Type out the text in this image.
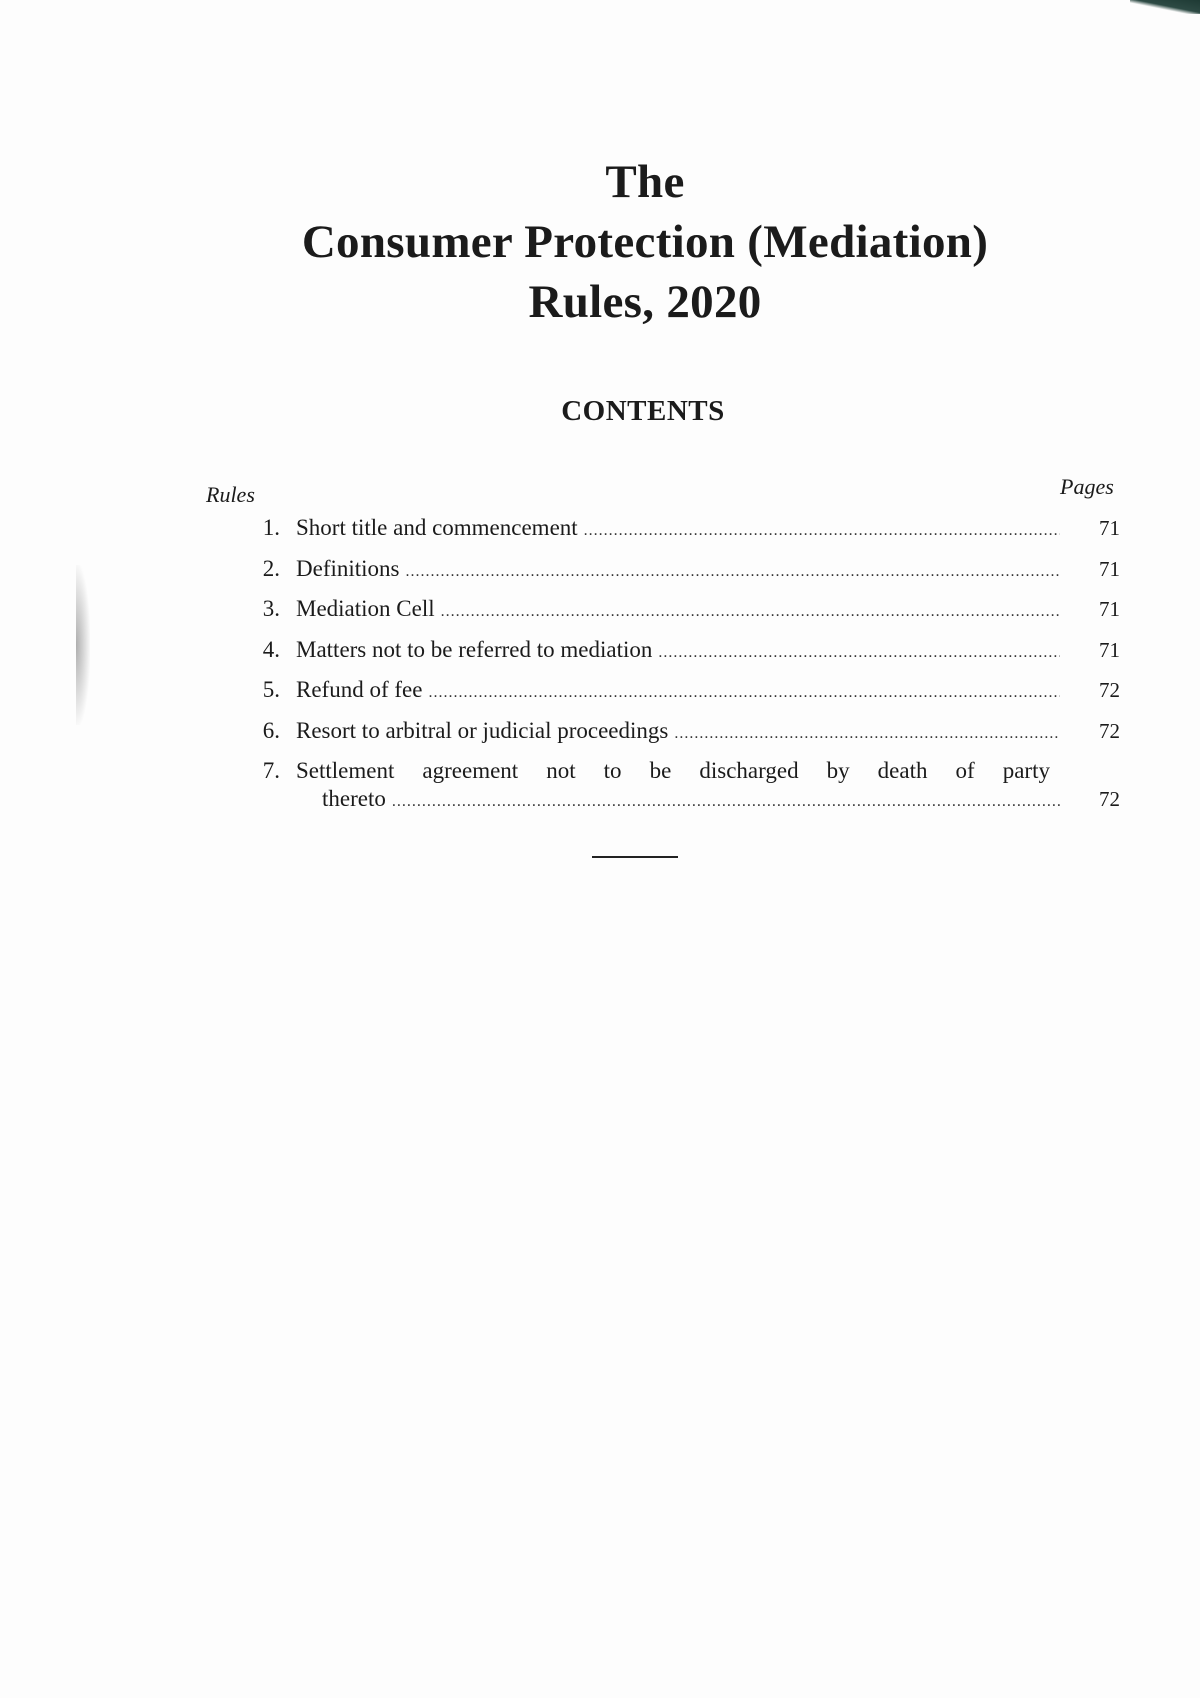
The
Consumer Protection (Mediation)
Rules, 2020
CONTENTS
Rules	Pages
1. Short title and commencement .....	71
2. Definitions .....	71
3. Mediation Cell .....	71
4. Matters not to be referred to mediation .....	71
5. Refund of fee .....	72
6. Resort to arbitral or judicial proceedings .....	72
7. Settlement agreement not to be discharged by death of party
thereto .....	72
